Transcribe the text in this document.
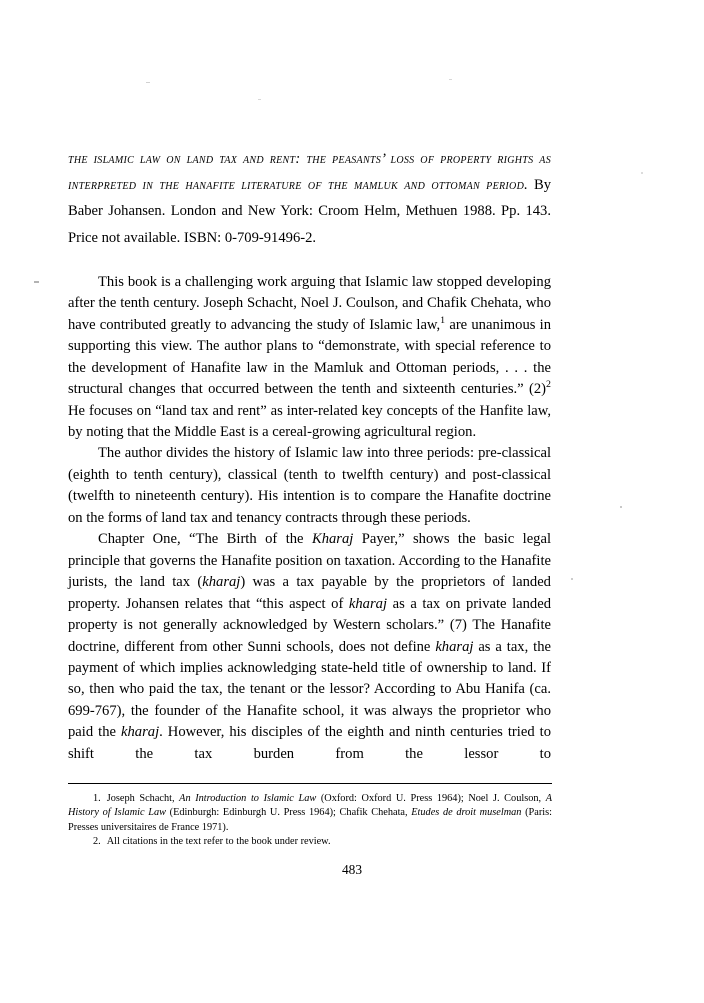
the islamic law on land tax and rent: the peasants’ loss of property rights as interpreted in the hanafite literature of the mamluk and ottoman period. By Baber Johansen. London and New York: Croom Helm, Methuen 1988. Pp. 143. Price not available. ISBN: 0-709-91496-2.

This book is a challenging work arguing that Islamic law stopped developing after the tenth century. Joseph Schacht, Noel J. Coulson, and Chafik Chehata, who have contributed greatly to advancing the study of Islamic law,$^1$ are unanimous in supporting this view. The author plans to “demonstrate, with special reference to the development of Hanafite law in the Mamluk and Ottoman periods, . . . the structural changes that occurred between the tenth and sixteenth centuries.” $(2)^2$ He focuses on “land tax and rent” as inter-related key concepts of the Hanfite law, by noting that the Middle East is a cereal-growing agricultural region.

The author divides the history of Islamic law into three periods: pre-classical (eighth to tenth century), classical (tenth to twelfth century) and post-classical (twelfth to nineteenth century). His intention is to compare the Hanafite doctrine on the forms of land tax and tenancy contracts through these periods.

Chapter One, “The Birth of the Kharaj Payer,” shows the basic legal principle that governs the Hanafite position on taxation. According to the Hanafite jurists, the land tax (kharaj) was a tax payable by the proprietors of landed property. Johansen relates that “this aspect of kharaj as a tax on private landed property is not generally acknowledged by Western scholars.” (7) The Hanafite doctrine, different from other Sunni schools, does not define kharaj as a tax, the payment of which implies acknowledging state-held title of ownership to land. If so, then who paid the tax, the tenant or the lessor? According to Abu Hanifa (ca. 699-767), the founder of the Hanafite school, it was always the proprietor who paid the kharaj. However, his disciples of the eighth and ninth centuries tried to shift the tax burden from the lessor to

1. Joseph Schacht, An Introduction to Islamic Law (Oxford: Oxford U. Press 1964); Noel J. Coulson, A History of Islamic Law (Edinburgh: Edinburgh U. Press 1964); Chafik Chehata, Etudes de droit muselman (Paris: Presses universitaires de France 1971).

2. All citations in the text refer to the book under review.

483
